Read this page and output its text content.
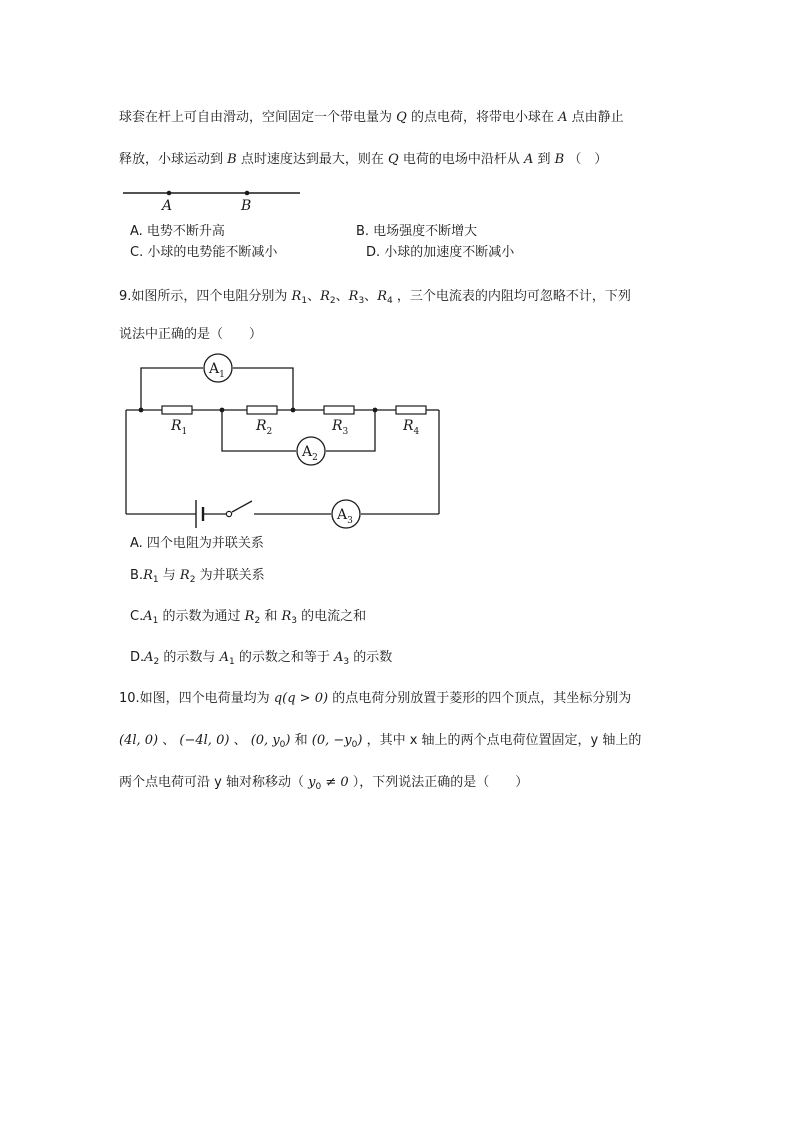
球套在杆上可自由滑动，空间固定一个带电量为 Q 的点电荷，将带电小球在 A 点由静止
释放，小球运动到 B 点时速度达到最大，则在 Q 电荷的电场中沿杆从 A 到 B （　）
A	B
A. 电势不断升高	B. 电场强度不断增大
C. 小球的电势能不断减小	D. 小球的加速度不断减小
9.如图所示，四个电阻分别为 $R_1$、$R_2$、$R_3$、$R_4$ ，三个电流表的内阻均可忽略不计，下列
说法中正确的是（　　）
$A_1$
$A_2$
$A_3$
$R_1$	$R_2$	$R_3$	$R_4$
A. 四个电阻为并联关系
$B.R_1$ 与 $R_2$ 为并联关系
$C.A_1$ 的示数为通过 $R_2$ 和 $R_3$ 的电流之和
$D.A_2$ 的示数与 $A_1$ 的示数之和等于 $A_3$ 的示数
10.如图，四个电荷量均为 q(q > 0) 的点电荷分别放置于菱形的四个顶点，其坐标分别为
(4l, 0) 、 (−4l, 0) 、 (0, $y_0$) 和 (0, $-y_0$) ，其中 x 轴上的两个点电荷位置固定，y 轴上的
两个点电荷可沿 y 轴对称移动（ $y_0 \ne 0$ ），下列说法正确的是（　　）
